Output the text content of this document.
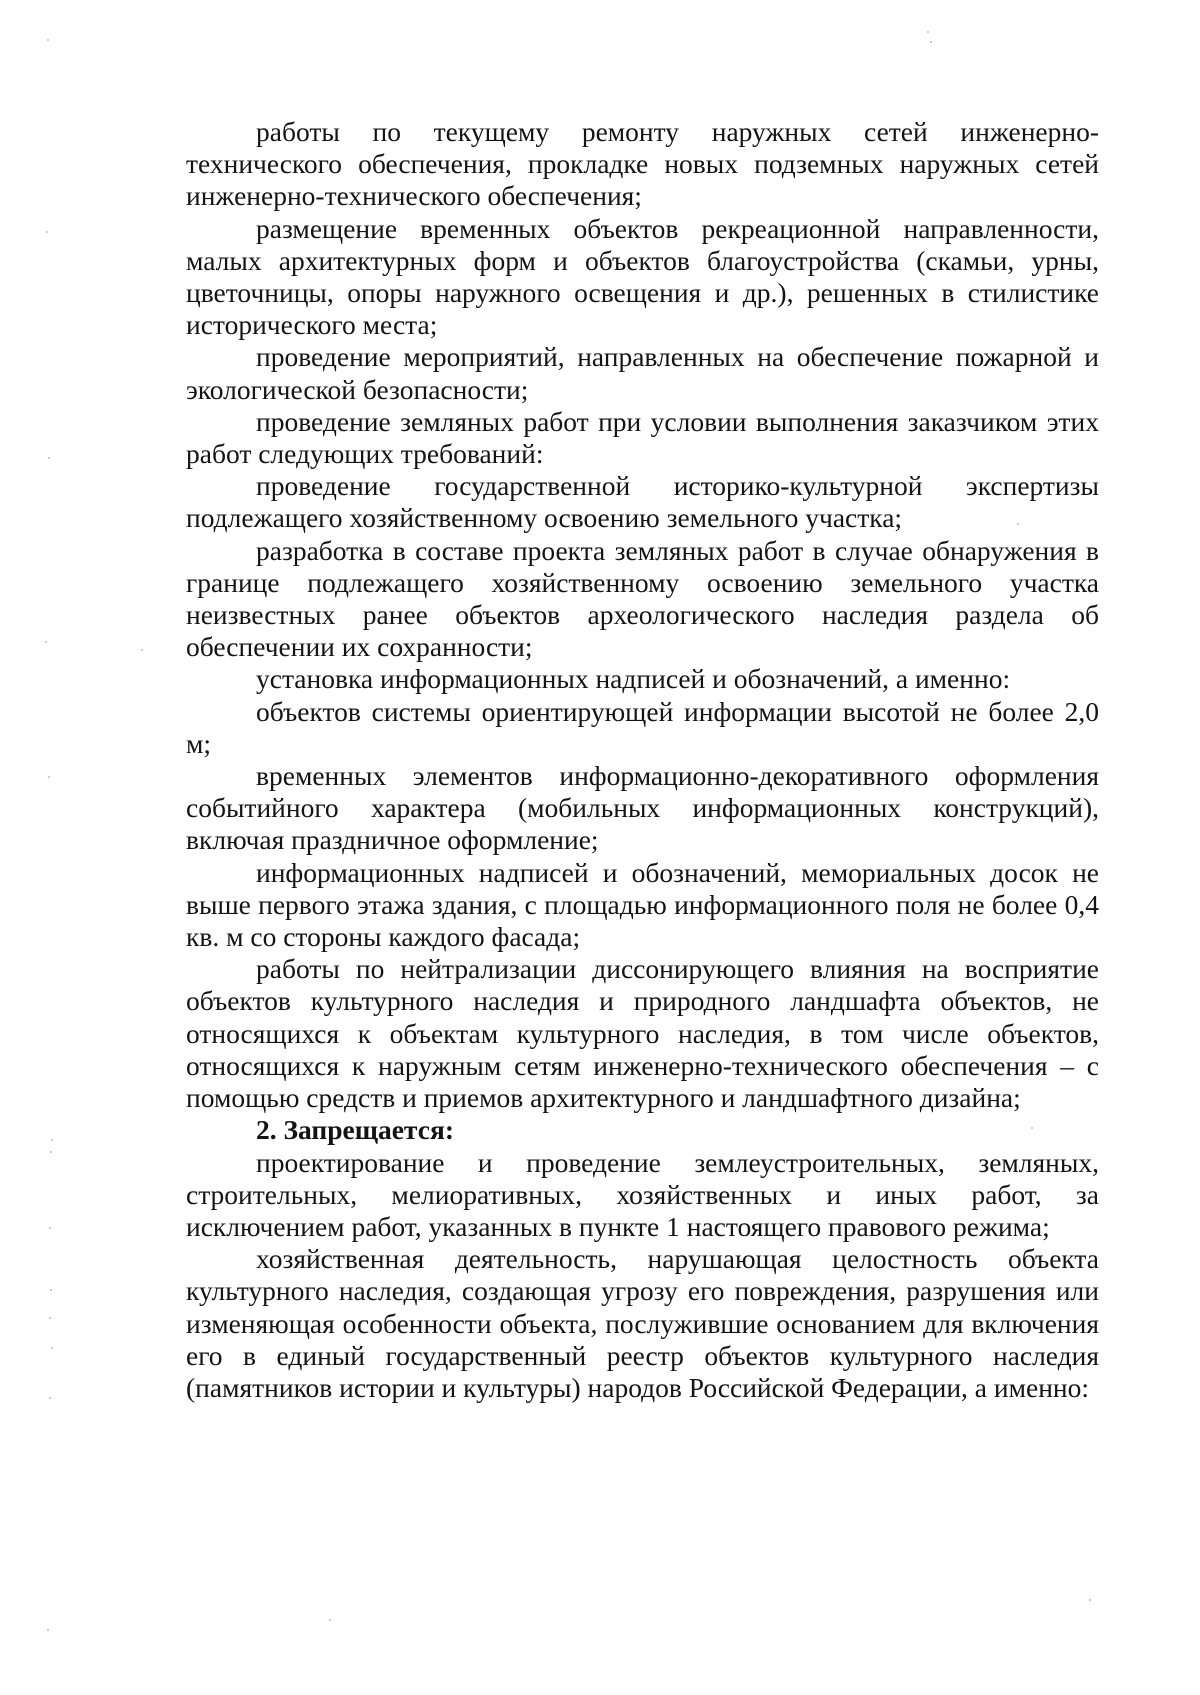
работы по текущему ремонту наружных сетей инженерно-технического обеспечения, прокладке новых подземных наружных сетей инженерно-технического обеспечения;

размещение временных объектов рекреационной направленности, малых архитектурных форм и объектов благоустройства (скамьи, урны, цветочницы, опоры наружного освещения и др.), решенных в стилистике исторического места;

проведение мероприятий, направленных на обеспечение пожарной и экологической безопасности;

проведение земляных работ при условии выполнения заказчиком этих работ следующих требований:

проведение государственной историко-культурной экспертизы подлежащего хозяйственному освоению земельного участка;

разработка в составе проекта земляных работ в случае обнаружения в границе подлежащего хозяйственному освоению земельного участка неизвестных ранее объектов археологического наследия раздела об обеспечении их сохранности;

установка информационных надписей и обозначений, а именно:

объектов системы ориентирующей информации высотой не более 2,0 м;

временных элементов информационно-декоративного оформления событийного характера (мобильных информационных конструкций), включая праздничное оформление;

информационных надписей и обозначений, мемориальных досок не выше первого этажа здания, с площадью информационного поля не более 0,4 кв. м со стороны каждого фасада;

работы по нейтрализации диссонирующего влияния на восприятие объектов культурного наследия и природного ландшафта объектов, не относящихся к объектам культурного наследия, в том числе объектов, относящихся к наружным сетям инженерно-технического обеспечения – с помощью средств и приемов архитектурного и ландшафтного дизайна;

2. Запрещается:

проектирование и проведение землеустроительных, земляных, строительных, мелиоративных, хозяйственных и иных работ, за исключением работ, указанных в пункте 1 настоящего правового режима;

хозяйственная деятельность, нарушающая целостность объекта культурного наследия, создающая угрозу его повреждения, разрушения или изменяющая особенности объекта, послужившие основанием для включения его в единый государственный реестр объектов культурного наследия (памятников истории и культуры) народов Российской Федерации, а именно:
